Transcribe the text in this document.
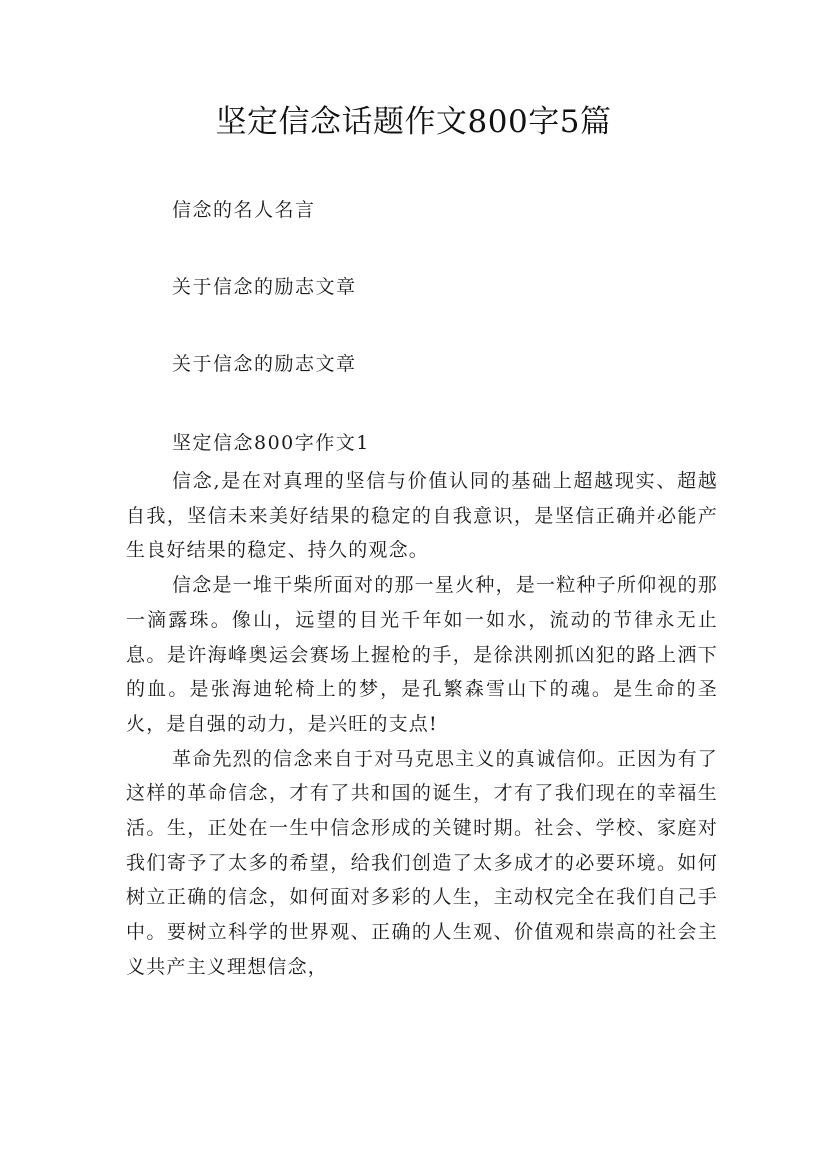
坚定信念话题作文800字5篇
信念的名人名言
关于信念的励志文章
关于信念的励志文章
坚定信念800字作文1

信念,是在对真理的坚信与价值认同的基础上超越现实、超越自我，坚信未来美好结果的稳定的自我意识，是坚信正确并必能产生良好结果的稳定、持久的观念。

信念是一堆干柴所面对的那一星火种，是一粒种子所仰视的那一滴露珠。像山，远望的目光千年如一如水，流动的节律永无止息。是许海峰奥运会赛场上握枪的手，是徐洪刚抓凶犯的路上洒下的血。是张海迪轮椅上的梦，是孔繁森雪山下的魂。是生命的圣火，是自强的动力，是兴旺的支点!

革命先烈的信念来自于对马克思主义的真诚信仰。正因为有了这样的革命信念，才有了共和国的诞生，才有了我们现在的幸福生活。生，正处在一生中信念形成的关键时期。社会、学校、家庭对我们寄予了太多的希望，给我们创造了太多成才的必要环境。如何树立正确的信念，如何面对多彩的人生，主动权完全在我们自己手中。要树立科学的世界观、正确的人生观、价值观和崇高的社会主义共产主义理想信念，
